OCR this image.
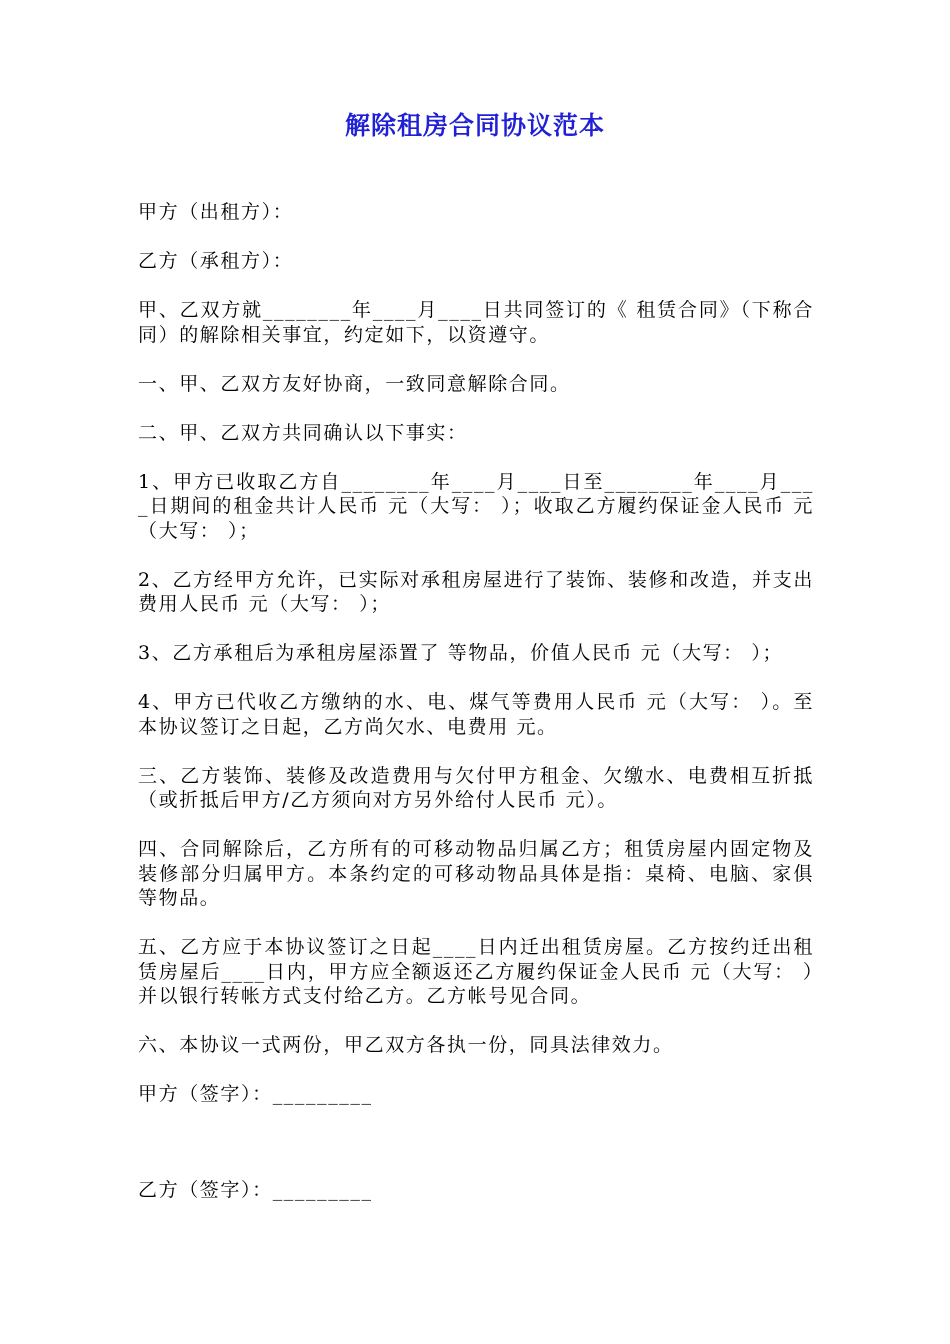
解除租房合同协议范本

甲方（出租方）：

乙方（承租方）：

甲、乙双方就________年____月____日共同签订的《 租赁合同》（下称合同）的解除相关事宜，约定如下，以资遵守。

一、甲、乙双方友好协商，一致同意解除合同。

二、甲、乙双方共同确认以下事实：

1、甲方已收取乙方自________年____月____日至________年____月____日期间的租金共计人民币 元（大写： ）；收取乙方履约保证金人民币 元（大写： ）；

2、乙方经甲方允许，已实际对承租房屋进行了装饰、装修和改造，并支出费用人民币 元（大写： ）；

3、乙方承租后为承租房屋添置了 等物品，价值人民币 元（大写： ）；

4、甲方已代收乙方缴纳的水、电、煤气等费用人民币 元（大写： ）。至本协议签订之日起，乙方尚欠水、电费用 元。

三、乙方装饰、装修及改造费用与欠付甲方租金、欠缴水、电费相互折抵（或折抵后甲方/乙方须向对方另外给付人民币 元）。

四、合同解除后，乙方所有的可移动物品归属乙方；租赁房屋内固定物及装修部分归属甲方。本条约定的可移动物品具体是指：桌椅、电脑、家俱等物品。

五、乙方应于本协议签订之日起____日内迁出租赁房屋。乙方按约迁出租赁房屋后____日内，甲方应全额返还乙方履约保证金人民币 元（大写： ）并以银行转帐方式支付给乙方。乙方帐号见合同。

六、本协议一式两份，甲乙双方各执一份，同具法律效力。

甲方（签字）：_________

乙方（签字）：_________
